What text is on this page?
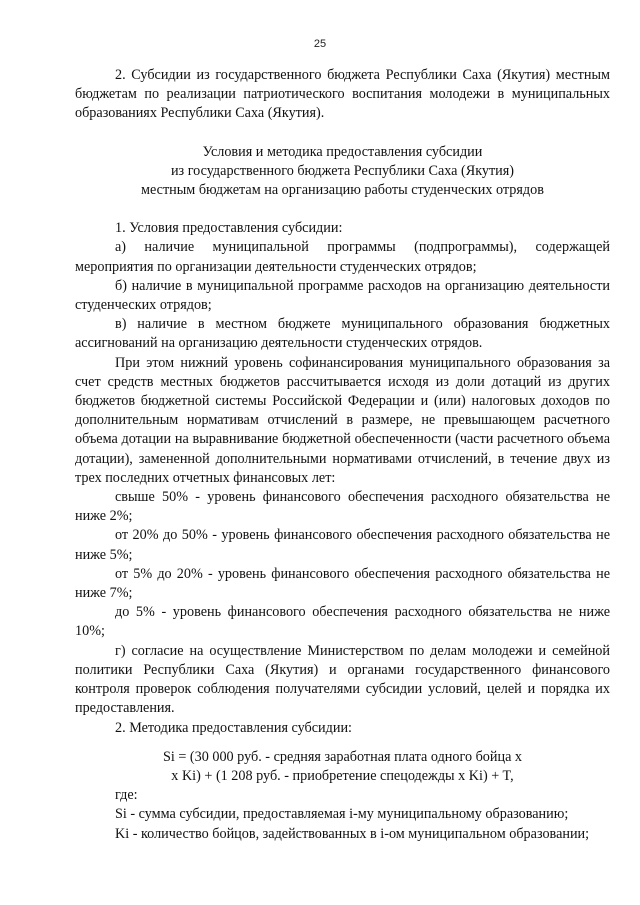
25

2. Субсидии из государственного бюджета Республики Саха (Якутия) местным бюджетам по реализации патриотического воспитания молодежи в муниципальных образованиях Республики Саха (Якутия).

Условия и методика предоставления субсидии
из государственного бюджета Республики Саха (Якутия)
местным бюджетам на организацию работы студенческих отрядов

1. Условия предоставления субсидии:

а) наличие муниципальной программы (подпрограммы), содержащей мероприятия по организации деятельности студенческих отрядов;

б) наличие в муниципальной программе расходов на организацию деятельности студенческих отрядов;

в) наличие в местном бюджете муниципального образования бюджетных ассигнований на организацию деятельности студенческих отрядов.

При этом нижний уровень софинансирования муниципального образования за счет средств местных бюджетов рассчитывается исходя из доли дотаций из других бюджетов бюджетной системы Российской Федерации и (или) налоговых доходов по дополнительным нормативам отчислений в размере, не превышающем расчетного объема дотации на выравнивание бюджетной обеспеченности (части расчетного объема дотации), замененной дополнительными нормативами отчислений, в течение двух из трех последних отчетных финансовых лет:

свыше 50% - уровень финансового обеспечения расходного обязательства не ниже 2%;

от 20% до 50% - уровень финансового обеспечения расходного обязательства не ниже 5%;

от 5% до 20% - уровень финансового обеспечения расходного обязательства не ниже 7%;

до 5% - уровень финансового обеспечения расходного обязательства не ниже 10%;

г) согласие на осуществление Министерством по делам молодежи и семейной политики Республики Саха (Якутия) и органами государственного финансового контроля проверок соблюдения получателями субсидии условий, целей и порядка их предоставления.

2. Методика предоставления субсидии:

Si = (30 000 руб. - средняя заработная плата одного бойца x
x Ki) + (1 208 руб. - приобретение спецодежды x Ki) + T,

где:

Si - сумма субсидии, предоставляемая i-му муниципальному образованию;

Ki - количество бойцов, задействованных в i-ом муниципальном образовании;
